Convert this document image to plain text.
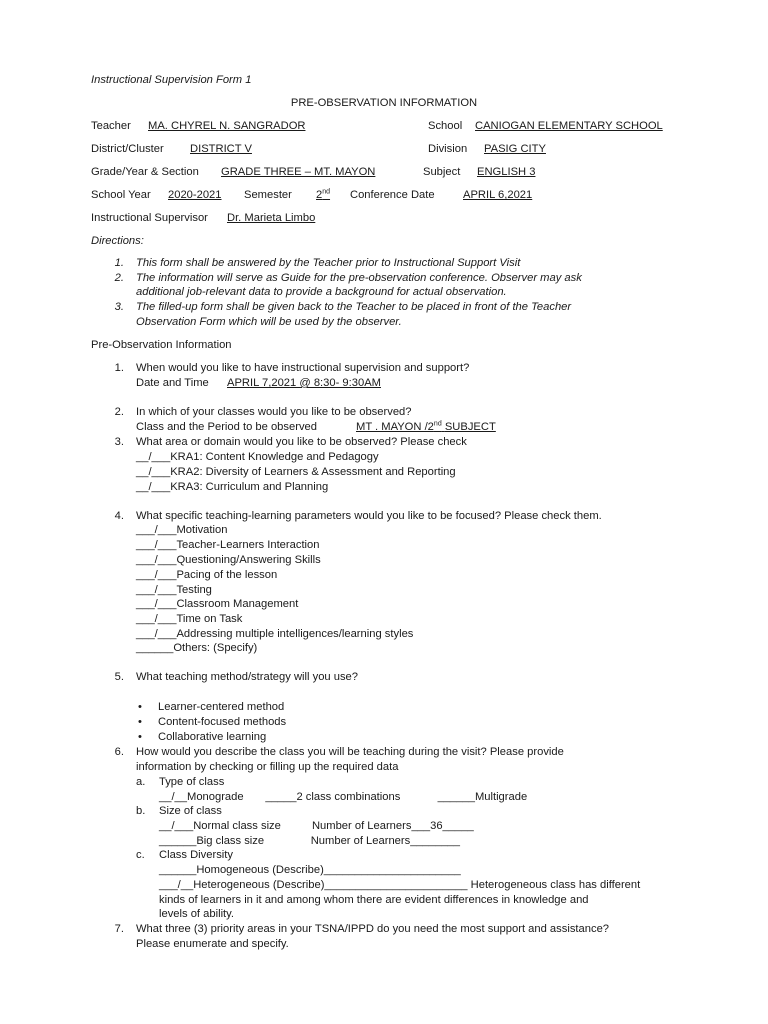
Instructional Supervision Form 1
PRE-OBSERVATION INFORMATION
Teacher MA. CHYREL N. SANGRADOR	School CANIOGAN ELEMENTARY SCHOOL
District/Cluster DISTRICT V	Division PASIG CITY
Grade/Year & Section GRADE THREE – MT. MAYON	Subject ENGLISH 3
School Year 2020-2021 Semester 2nd Conference Date	APRIL 6,2021
Instructional Supervisor Dr. Marieta Limbo
Directions:
1. This form shall be answered by the Teacher prior to Instructional Support Visit
2. The information will serve as Guide for the pre-observation conference. Observer may ask
additional job-relevant data to provide a background for actual observation.
3. The filled-up form shall be given back to the Teacher to be placed in front of the Teacher
Observation Form which will be used by the observer.
Pre-Observation Information
1. When would you like to have instructional supervision and support?
Date and Time APRIL 7,2021 @ 8:30- 9:30AM
2. In which of your classes would you like to be observed?
Class and the Period to be observed	MT . MAYON /2nd SUBJECT
3. What area or domain would you like to be observed? Please check
__/___KRA1: Content Knowledge and Pedagogy
__/___KRA2: Diversity of Learners & Assessment and Reporting
__/___KRA3: Curriculum and Planning
4. What specific teaching-learning parameters would you like to be focused? Please check them.
___/___Motivation
___/___Teacher-Learners Interaction
___/___Questioning/Answering Skills
___/___Pacing of the lesson
___/___Testing
___/___Classroom Management
___/___Time on Task
___/___Addressing multiple intelligences/learning styles
______Others: (Specify)
5. What teaching method/strategy will you use?
• Learner-centered method
• Content-focused methods
• Collaborative learning
6. How would you describe the class you will be teaching during the visit? Please provide
information by checking or filling up the required data
a. Type of class
__/__Monograde       _____2 class combinations            ______Multigrade
b. Size of class
__/___Normal class size          Number of Learners___36_____
______Big class size               Number of Learners________
c. Class Diversity
______Homogeneous (Describe)______________________
___/__Heterogeneous (Describe)_______________________ Heterogeneous class has different
kinds of learners in it and among whom there are evident differences in knowledge and
levels of ability.
7. What three (3) priority areas in your TSNA/IPPD do you need the most support and assistance?
Please enumerate and specify.
